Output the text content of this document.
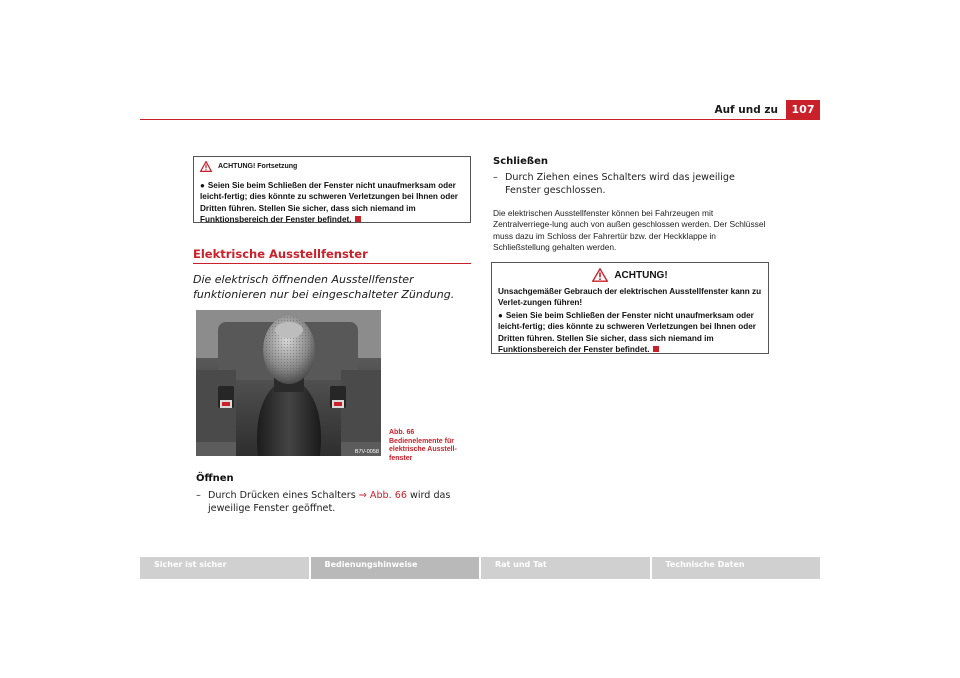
Auf und zu	107
ACHTUNG! Fortsetzung
● Seien Sie beim Schließen der Fenster nicht unaufmerksam oder leicht-fertig; dies könnte zu schweren Verletzungen bei Ihnen oder Dritten führen. Stellen Sie sicher, dass sich niemand im Funktionsbereich der Fenster befindet.
Elektrische Ausstellfenster
Die elektrisch öffnenden Ausstellfenster funktionieren nur bei eingeschalteter Zündung.
B7V-0058
Abb. 66 Bedienelemente für elektrische Ausstell-fenster
Öffnen
– Durch Drücken eines Schalters ⇒ Abb. 66 wird das jeweilige Fenster geöffnet.
Schließen
– Durch Ziehen eines Schalters wird das jeweilige Fenster geschlossen.
Die elektrischen Ausstellfenster können bei Fahrzeugen mit Zentralverriege-lung auch von außen geschlossen werden. Der Schlüssel muss dazu im Schloss der Fahrertür bzw. der Heckklappe in Schließstellung gehalten werden.
ACHTUNG!
Unsachgemäßer Gebrauch der elektrischen Ausstellfenster kann zu Verlet-zungen führen!
● Seien Sie beim Schließen der Fenster nicht unaufmerksam oder leicht-fertig; dies könnte zu schweren Verletzungen bei Ihnen oder Dritten führen. Stellen Sie sicher, dass sich niemand im Funktionsbereich der Fenster befindet.
Sicher ist sicher	Bedienungshinweise	Rat und Tat	Technische Daten
